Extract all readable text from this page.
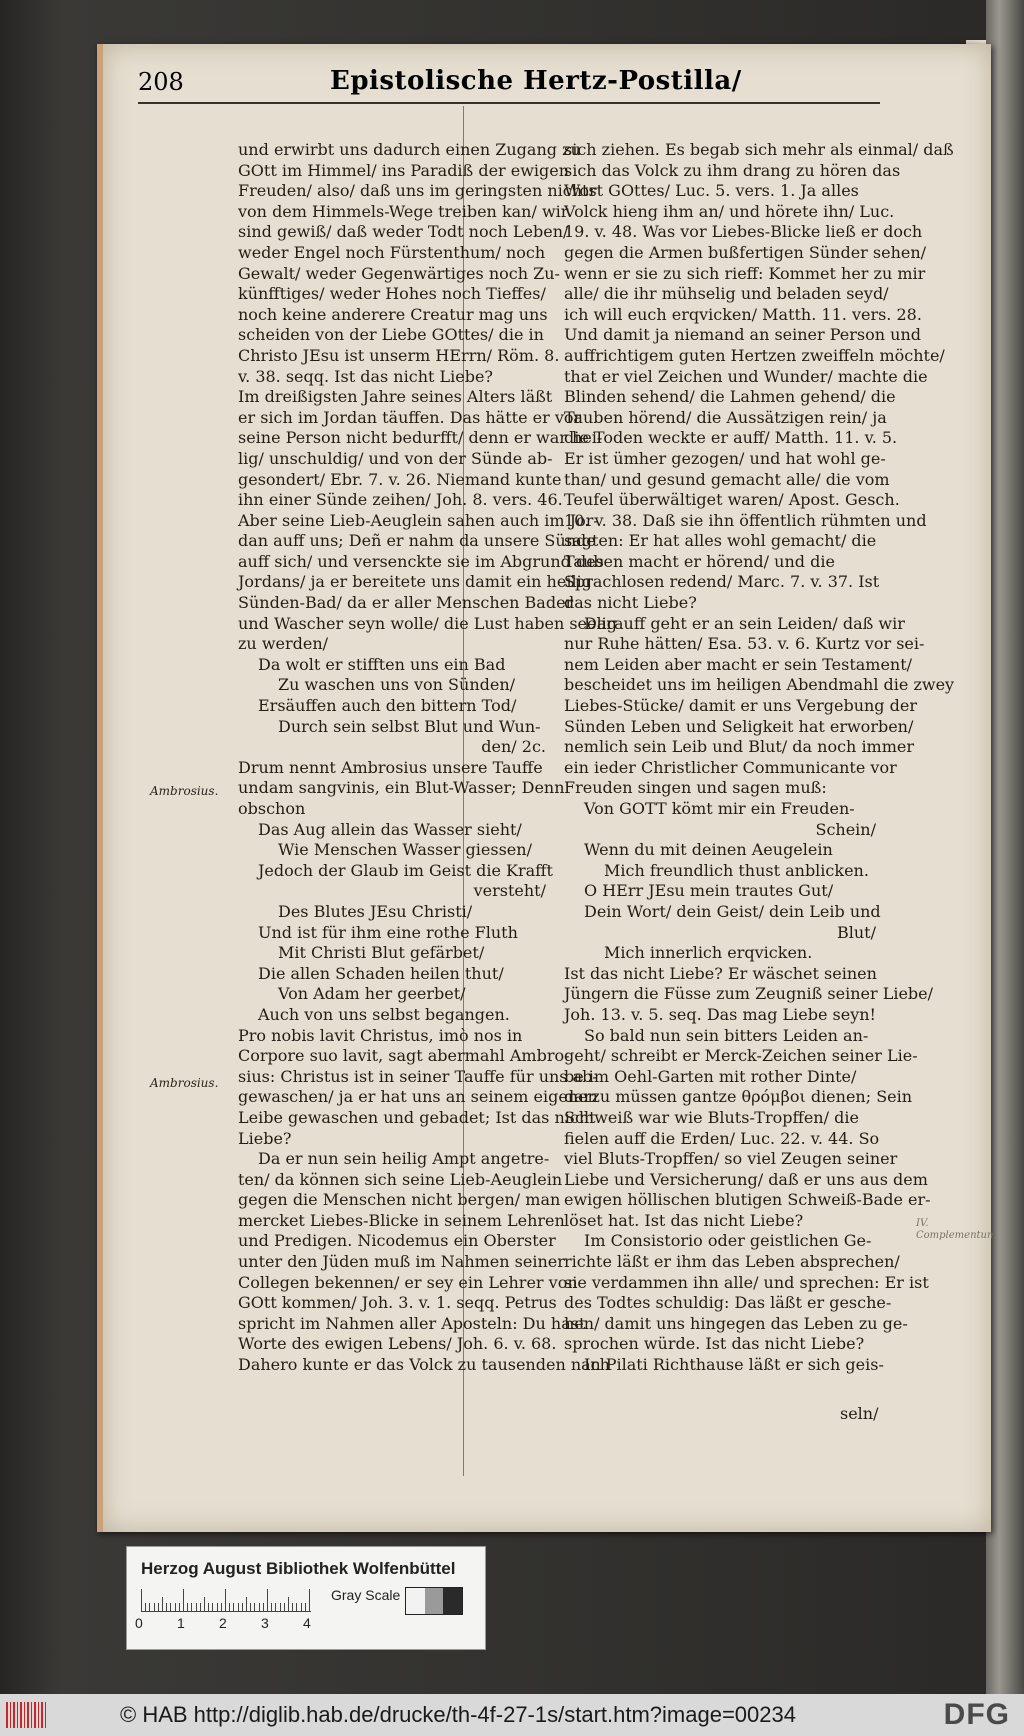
208	Epistolische Hertz-Postilla/
Ambrosius.
Ambrosius.
IV.
Complementum
und erwirbt uns dadurch einen Zugang zu
GOtt im Himmel/ ins Paradiß der ewigen
Freuden/ also/ daß uns im geringsten nichts
von dem Himmels-Wege treiben kan/ wir
sind gewiß/ daß weder Todt noch Leben/
weder Engel noch Fürstenthum/ noch
Gewalt/ weder Gegenwärtiges noch Zu-
künfftiges/ weder Hohes noch Tieffes/
noch keine anderere Creatur mag uns
scheiden von der Liebe GOttes/ die in
Christo JEsu ist unserm HErrn/ Röm. 8.
v. 38. seqq. Ist das nicht Liebe?
Im dreißigsten Jahre seines Alters läßt
er sich im Jordan täuffen. Das hätte er vor
seine Person nicht bedurfft/ denn er war hei-
lig/ unschuldig/ und von der Sünde ab-
gesondert/ Ebr. 7. v. 26. Niemand kunte
ihn einer Sünde zeihen/ Joh. 8. vers. 46.
Aber seine Lieb-Aeuglein sahen auch im Jor-
dan auff uns; Deñ er nahm da unsere Sünde
auff sich/ und versenckte sie im Abgrund des
Jordans/ ja er bereitete uns damit ein heilig
Sünden-Bad/ da er aller Menschen Bader
und Wascher seyn wolle/ die Lust haben seelig
zu werden/
Da wolt er stifften uns ein Bad
Zu waschen uns von Sünden/
Ersäuffen auch den bittern Tod/
Durch sein selbst Blut und Wun-
den/ 2c.
Drum nennt Ambrosius unsere Tauffe
undam sangvinis, ein Blut-Wasser; Denn
obschon
Das Aug allein das Wasser sieht/
Wie Menschen Wasser giessen/
Jedoch der Glaub im Geist die Krafft
versteht/
Des Blutes JEsu Christi/
Und ist für ihm eine rothe Fluth
Mit Christi Blut gefärbet/
Die allen Schaden heilen thut/
Von Adam her geerbet/
Auch von uns selbst begangen.
Pro nobis lavit Christus, imò nos in
Corpore suo lavit, sagt abermahl Ambro-
sius: Christus ist in seiner Tauffe für uns ab-
gewaschen/ ja er hat uns an seinem eigenen
Leibe gewaschen und gebadet; Ist das nicht
Liebe?
Da er nun sein heilig Ampt angetre-
ten/ da können sich seine Lieb-Aeuglein
gegen die Menschen nicht bergen/ man
mercket Liebes-Blicke in seinem Lehren
und Predigen. Nicodemus ein Oberster
unter den Jüden muß im Nahmen seiner
Collegen bekennen/ er sey ein Lehrer von
GOtt kommen/ Joh. 3. v. 1. seqq. Petrus
spricht im Nahmen aller Aposteln: Du hast
Worte des ewigen Lebens/ Joh. 6. v. 68.
Dahero kunte er das Volck zu tausenden nach
sich ziehen. Es begab sich mehr als einmal/ daß
sich das Volck zu ihm drang zu hören das
Wort GOttes/ Luc. 5. vers. 1. Ja alles
Volck hieng ihm an/ und hörete ihn/ Luc.
19. v. 48. Was vor Liebes-Blicke ließ er doch
gegen die Armen bußfertigen Sünder sehen/
wenn er sie zu sich rieff: Kommet her zu mir
alle/ die ihr mühselig und beladen seyd/
ich will euch erqvicken/ Matth. 11. vers. 28.
Und damit ja niemand an seiner Person und
auffrichtigem guten Hertzen zweiffeln möchte/
that er viel Zeichen und Wunder/ machte die
Blinden sehend/ die Lahmen gehend/ die
Tauben hörend/ die Aussätzigen rein/ ja
die Toden weckte er auff/ Matth. 11. v. 5.
Er ist ümher gezogen/ und hat wohl ge-
than/ und gesund gemacht alle/ die vom
Teufel überwältiget waren/ Apost. Gesch.
10. v. 38. Daß sie ihn öffentlich rühmten und
sagten: Er hat alles wohl gemacht/ die
Tauben macht er hörend/ und die
Sprachlosen redend/ Marc. 7. v. 37. Ist
das nicht Liebe?
Darauff geht er an sein Leiden/ daß wir
nur Ruhe hätten/ Esa. 53. v. 6. Kurtz vor sei-
nem Leiden aber macht er sein Testament/
bescheidet uns im heiligen Abendmahl die zwey
Liebes-Stücke/ damit er uns Vergebung der
Sünden Leben und Seligkeit hat erworben/
nemlich sein Leib und Blut/ da noch immer
ein ieder Christlicher Communicante vor
Freuden singen und sagen muß:
Von GOTT kömt mir ein Freuden-
Schein/
Wenn du mit deinen Aeugelein
Mich freundlich thust anblicken.
O HErr JEsu mein trautes Gut/
Dein Wort/ dein Geist/ dein Leib und
Blut/
Mich innerlich erqvicken.
Ist das nicht Liebe? Er wäschet seinen
Jüngern die Füsse zum Zeugniß seiner Liebe/
Joh. 13. v. 5. seq. Das mag Liebe seyn!
So bald nun sein bitters Leiden an-
geht/ schreibt er Merck-Zeichen seiner Lie-
be im Oehl-Garten mit rother Dinte/
darzu müssen gantze θρόμβοι dienen; Sein
Schweiß war wie Bluts-Tropffen/ die
fielen auff die Erden/ Luc. 22. v. 44. So
viel Bluts-Tropffen/ so viel Zeugen seiner
Liebe und Versicherung/ daß er uns aus dem
ewigen höllischen blutigen Schweiß-Bade er-
löset hat. Ist das nicht Liebe?
Im Consistorio oder geistlichen Ge-
richte läßt er ihm das Leben absprechen/
sie verdammen ihn alle/ und sprechen: Er ist
des Todtes schuldig: Das läßt er gesche-
hen/ damit uns hingegen das Leben zu ge-
sprochen würde. Ist das nicht Liebe?
In Pilati Richthause läßt er sich geis-
seln/
Herzog August Bibliothek Wolfenbüttel
0 1 2 3 4
Gray Scale
© HAB http://diglib.hab.de/drucke/th-4f-27-1s/start.htm?image=00234	DFG
